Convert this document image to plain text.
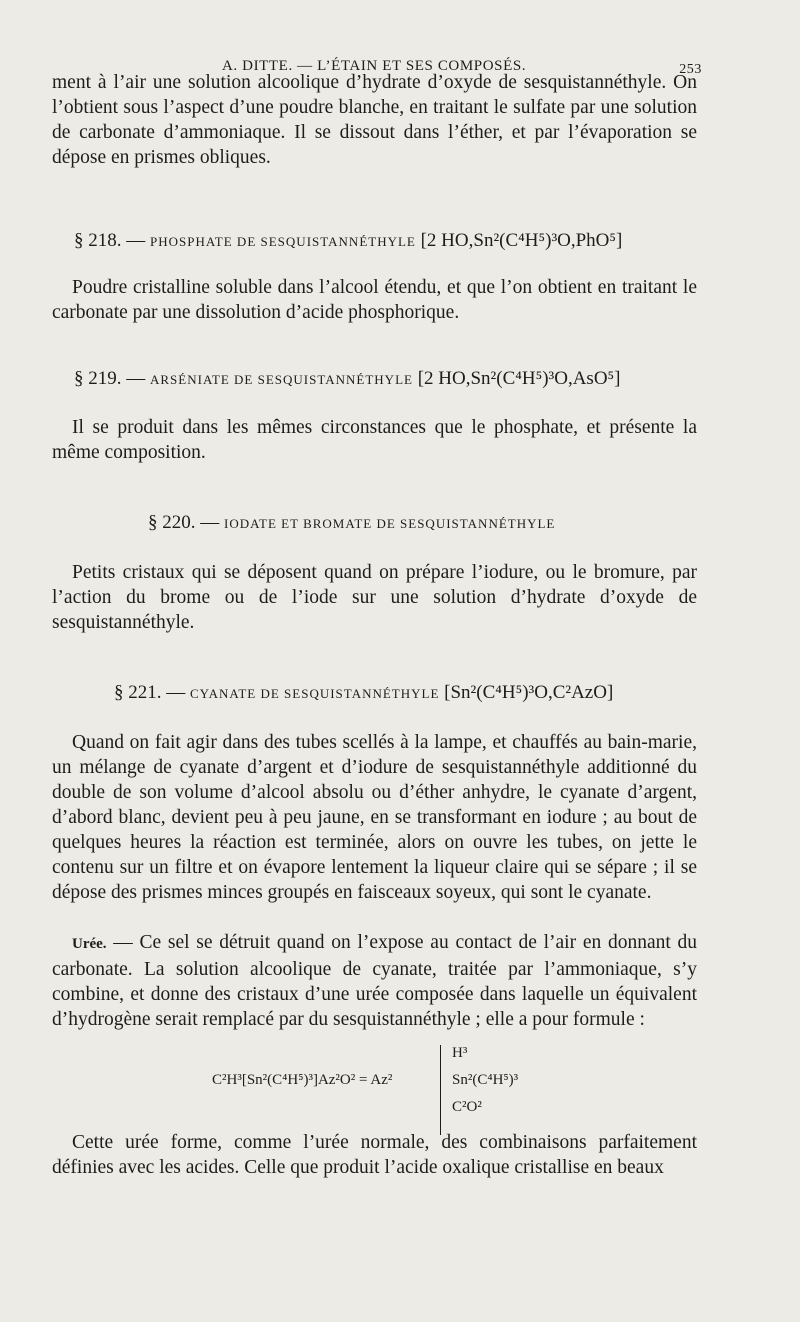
A. DITTE. — L’ÉTAIN ET SES COMPOSÉS.	253

ment à l’air une solution alcoolique d’hydrate d’oxyde de sesquistannéthyle. On l’obtient sous l’aspect d’une poudre blanche, en traitant le sulfate par une solution de carbonate d’ammoniaque. Il se dissout dans l’éther, et par l’évaporation se dépose en prismes obliques.

§ 218. — PHOSPHATE DE SESQUISTANNÉTHYLE [2 HO,Sn²(C⁴H⁵)³O,PhO⁵]

Poudre cristalline soluble dans l’alcool étendu, et que l’on obtient en traitant le carbonate par une dissolution d’acide phosphorique.

§ 219. — ARSÉNIATE DE SESQUISTANNÉTHYLE [2 HO,Sn²(C⁴H⁵)³O,AsO⁵]

Il se produit dans les mêmes circonstances que le phosphate, et présente la même composition.

§ 220. — IODATE ET BROMATE DE SESQUISTANNÉTHYLE

Petits cristaux qui se déposent quand on prépare l’iodure, ou le bromure, par l’action du brome ou de l’iode sur une solution d’hydrate d’oxyde de sesquistannéthyle.

§ 221. — CYANATE DE SESQUISTANNÉTHYLE [Sn²(C⁴H⁵)³O,C²AzO]

Quand on fait agir dans des tubes scellés à la lampe, et chauffés au bain-marie, un mélange de cyanate d’argent et d’iodure de sesquistannéthyle additionné du double de son volume d’alcool absolu ou d’éther anhydre, le cyanate d’argent, d’abord blanc, devient peu à peu jaune, en se transformant en iodure ; au bout de quelques heures la réaction est terminée, alors on ouvre les tubes, on jette le contenu sur un filtre et on évapore lentement la liqueur claire qui se sépare ; il se dépose des prismes minces groupés en faisceaux soyeux, qui sont le cyanate.

Urée. — Ce sel se détruit quand on l’expose au contact de l’air en donnant du carbonate. La solution alcoolique de cyanate, traitée par l’ammoniaque, s’y combine, et donne des cristaux d’une urée composée dans laquelle un équivalent d’hydrogène serait remplacé par du sesquistannéthyle ; elle a pour formule :

C²H³[Sn²(C⁴H⁵)³]Az²O² = Az²
H³
Sn²(C⁴H⁵)³
C²O²

Cette urée forme, comme l’urée normale, des combinaisons parfaitement définies avec les acides. Celle que produit l’acide oxalique cristallise en beaux
